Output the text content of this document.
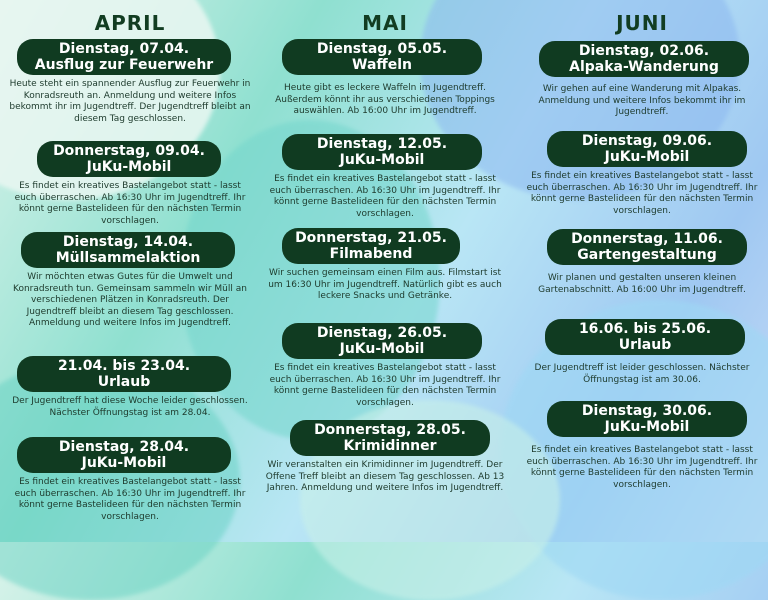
APRIL
Dienstag, 07.04.
Ausflug zur Feuerwehr
Heute steht ein spannender Ausflug zur Feuerwehr in Konradsreuth an. Anmeldung und weitere Infos bekommt ihr im Jugendtreff. Der Jugendtreff bleibt an diesem Tag geschlossen.
Donnerstag, 09.04.
JuKu-Mobil
Es findet ein kreatives Bastelangebot statt - lasst euch überraschen. Ab 16:30 Uhr im Jugendtreff. Ihr könnt gerne Bastelideen für den nächsten Termin vorschlagen.
Dienstag, 14.04.
Müllsammelaktion
Wir möchten etwas Gutes für die Umwelt und Konradsreuth tun. Gemeinsam sammeln wir Müll an verschiedenen Plätzen in Konradsreuth. Der Jugendtreff bleibt an diesem Tag geschlossen. Anmeldung und weitere Infos im Jugendtreff.
21.04. bis 23.04.
Urlaub
Der Jugendtreff hat diese Woche leider geschlossen. Nächster Öffnungstag ist am 28.04.
Dienstag, 28.04.
JuKu-Mobil
Es findet ein kreatives Bastelangebot statt - lasst euch überraschen. Ab 16:30 Uhr im Jugendtreff. Ihr könnt gerne Bastelideen für den nächsten Termin vorschlagen.
MAI
Dienstag, 05.05.
Waffeln
Heute gibt es leckere Waffeln im Jugendtreff. Außerdem könnt ihr aus verschiedenen Toppings auswählen. Ab 16:00 Uhr im Jugendtreff.
Dienstag, 12.05.
JuKu-Mobil
Es findet ein kreatives Bastelangebot statt - lasst euch überraschen. Ab 16:30 Uhr im Jugendtreff. Ihr könnt gerne Bastelideen für den nächsten Termin vorschlagen.
Donnerstag, 21.05.
Filmabend
Wir suchen gemeinsam einen Film aus. Filmstart ist um 16:30 Uhr im Jugendtreff. Natürlich gibt es auch leckere Snacks und Getränke.
Dienstag, 26.05.
JuKu-Mobil
Es findet ein kreatives Bastelangebot statt - lasst euch überraschen. Ab 16:30 Uhr im Jugendtreff. Ihr könnt gerne Bastelideen für den nächsten Termin vorschlagen.
Donnerstag, 28.05.
Krimidinner
Wir veranstalten ein Krimidinner im Jugendtreff. Der Offene Treff bleibt an diesem Tag geschlossen. Ab 13 Jahren. Anmeldung und weitere Infos im Jugendtreff.
JUNI
Dienstag, 02.06.
Alpaka-Wanderung
Wir gehen auf eine Wanderung mit Alpakas. Anmeldung und weitere Infos bekommt ihr im Jugendtreff.
Dienstag, 09.06.
JuKu-Mobil
Es findet ein kreatives Bastelangebot statt - lasst euch überraschen. Ab 16:30 Uhr im Jugendtreff. Ihr könnt gerne Bastelideen für den nächsten Termin vorschlagen.
Donnerstag, 11.06.
Gartengestaltung
Wir planen und gestalten unseren kleinen Gartenabschnitt. Ab 16:00 Uhr im Jugendtreff.
16.06. bis 25.06.
Urlaub
Der Jugendtreff ist leider geschlossen. Nächster Öffnungstag ist am 30.06.
Dienstag, 30.06.
JuKu-Mobil
Es findet ein kreatives Bastelangebot statt - lasst euch überraschen. Ab 16:30 Uhr im Jugendtreff. Ihr könnt gerne Bastelideen für den nächsten Termin vorschlagen.
